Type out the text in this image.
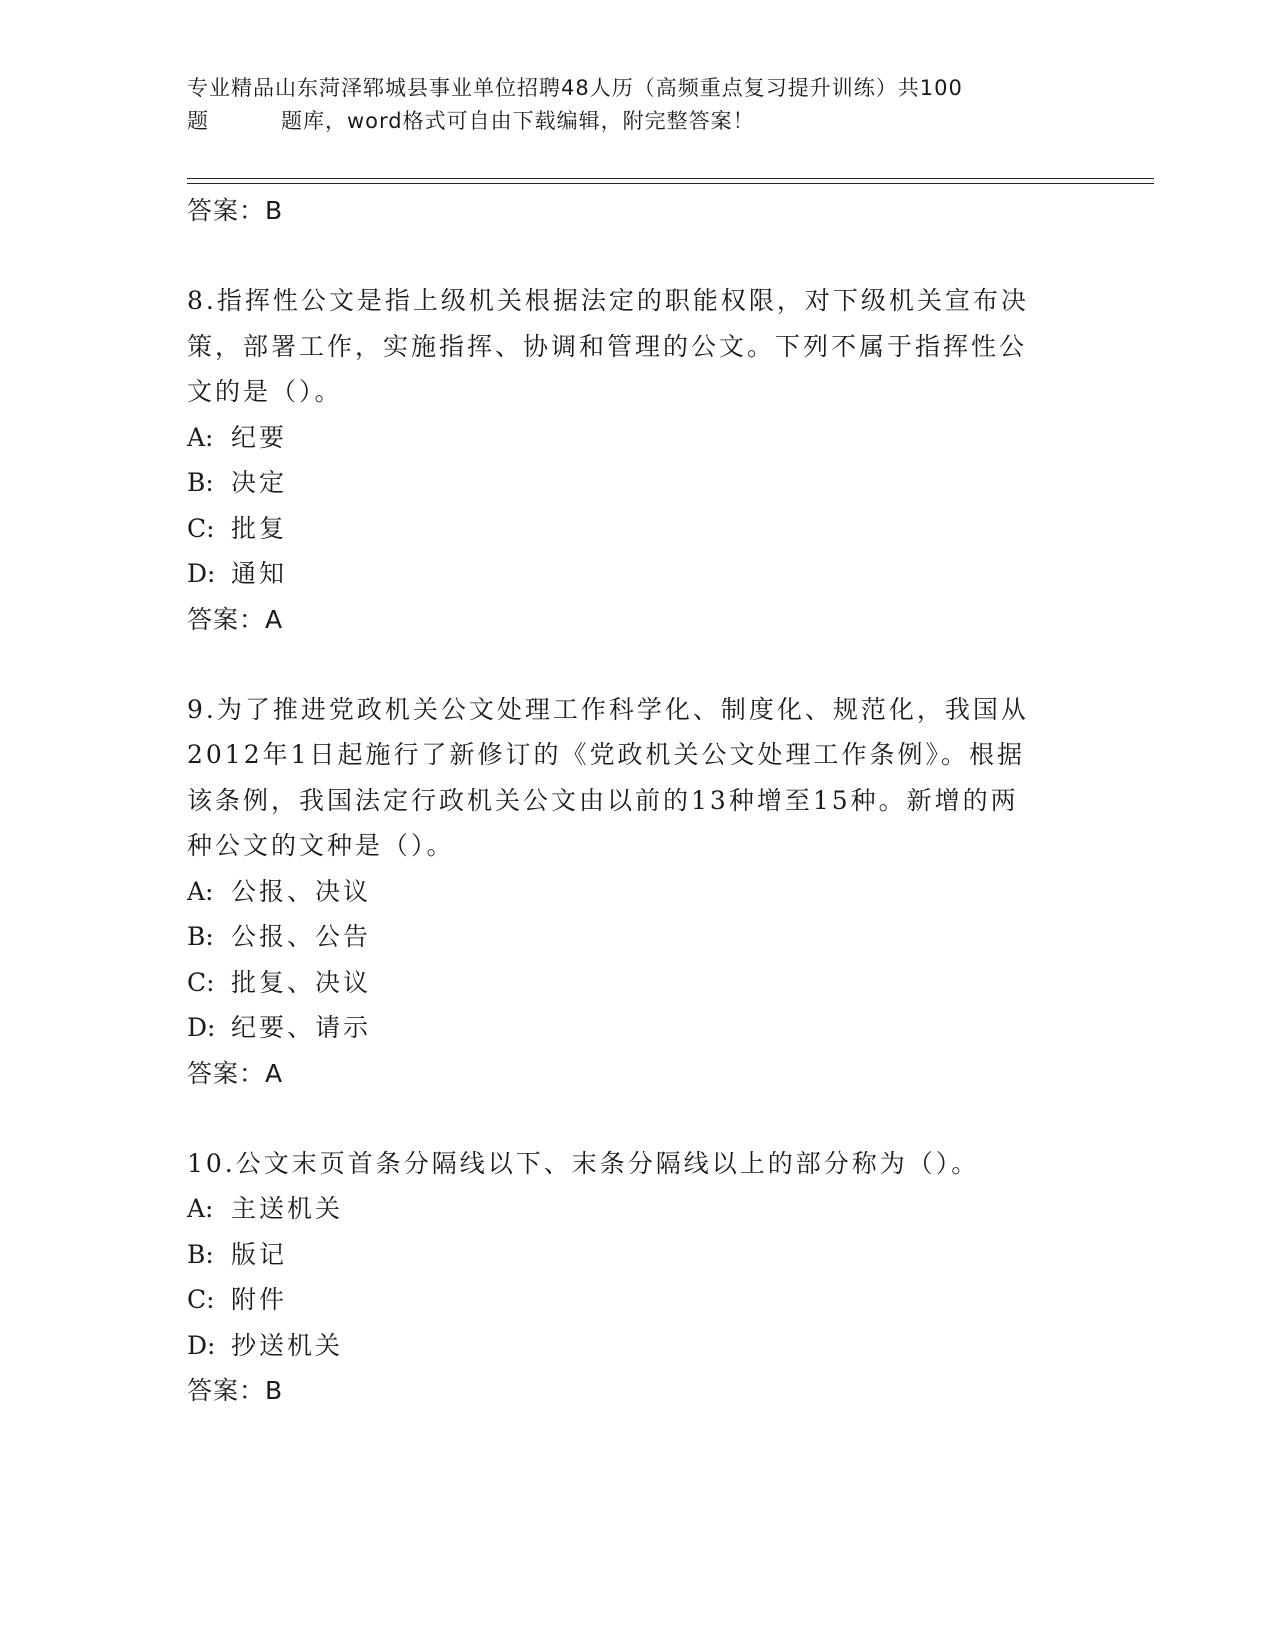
专业精品山东菏泽郓城县事业单位招聘48人历（高频重点复习提升训练）共100
题	题库，word格式可自由下载编辑，附完整答案！

答案：B

8.指挥性公文是指上级机关根据法定的职能权限，对下级机关宣布决

策，部署工作，实施指挥、协调和管理的公文。下列不属于指挥性公

文的是（）。

A: 纪要

B: 决定

C: 批复

D: 通知

答案：A

9.为了推进党政机关公文处理工作科学化、制度化、规范化，我国从

2012年1日起施行了新修订的《党政机关公文处理工作条例》。根据

该条例，我国法定行政机关公文由以前的13种增至15种。新增的两

种公文的文种是（）。

A: 公报、决议

B: 公报、公告

C: 批复、决议

D: 纪要、请示

答案：A

10.公文末页首条分隔线以下、末条分隔线以上的部分称为（）。

A: 主送机关

B: 版记

C: 附件

D: 抄送机关

答案：B
